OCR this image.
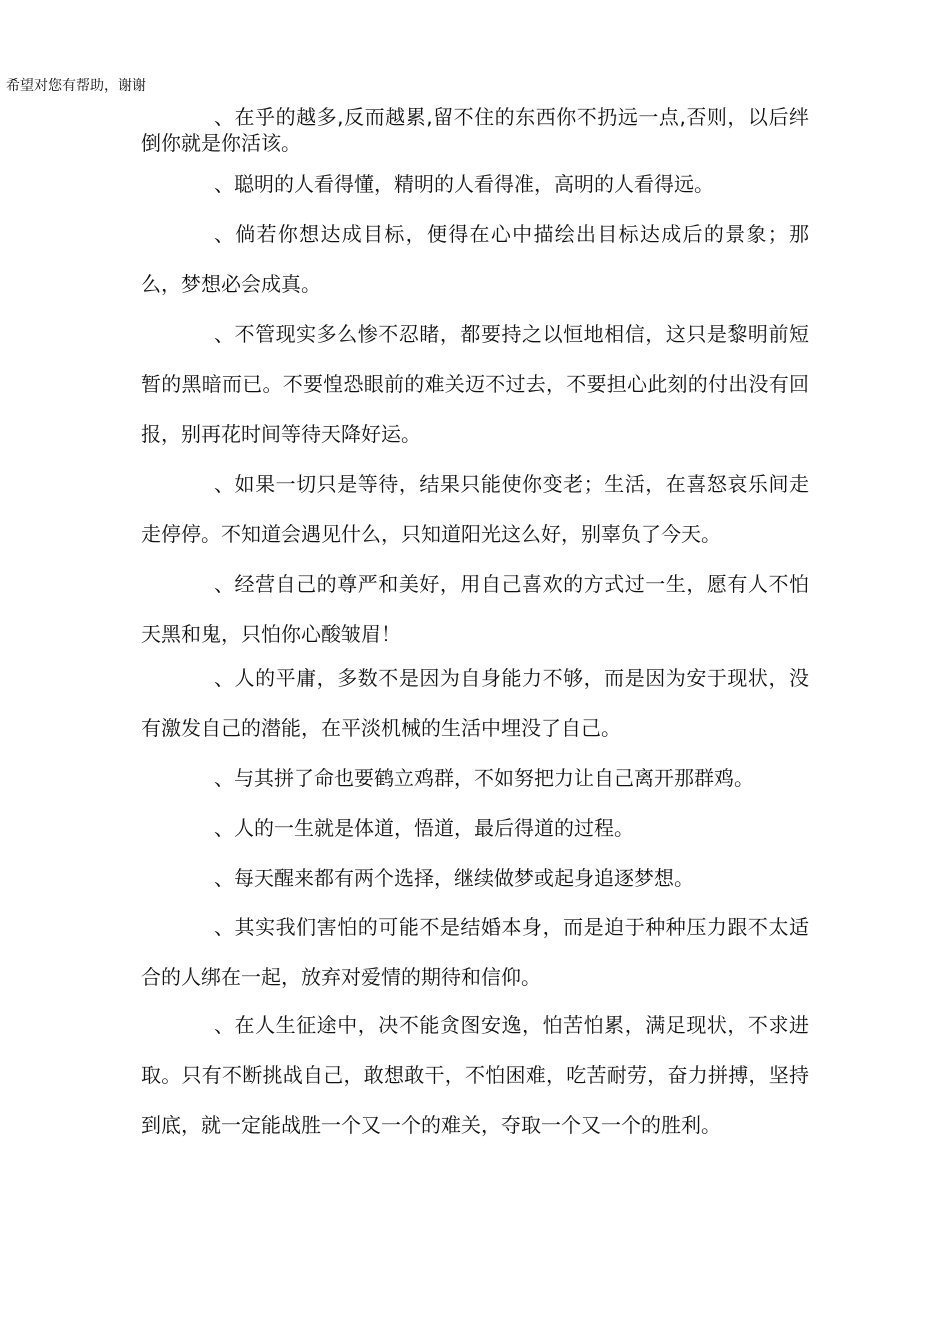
希望对您有帮助，谢谢

、在乎的越多,反而越累,留不住的东西你不扔远一点,否则，以后绊倒你就是你活该。

、聪明的人看得懂，精明的人看得准，高明的人看得远。

、倘若你想达成目标，便得在心中描绘出目标达成后的景象；那么，梦想必会成真。

、不管现实多么惨不忍睹，都要持之以恒地相信，这只是黎明前短暂的黑暗而已。不要惶恐眼前的难关迈不过去，不要担心此刻的付出没有回报，别再花时间等待天降好运。

、如果一切只是等待，结果只能使你变老；生活，在喜怒哀乐间走走停停。不知道会遇见什么，只知道阳光这么好，别辜负了今天。

、经营自己的尊严和美好，用自己喜欢的方式过一生，愿有人不怕天黑和鬼，只怕你心酸皱眉！

、人的平庸，多数不是因为自身能力不够，而是因为安于现状，没有激发自己的潜能，在平淡机械的生活中埋没了自己。

、与其拼了命也要鹤立鸡群，不如努把力让自己离开那群鸡。

、人的一生就是体道，悟道，最后得道的过程。

、每天醒来都有两个选择，继续做梦或起身追逐梦想。

、其实我们害怕的可能不是结婚本身，而是迫于种种压力跟不太适合的人绑在一起，放弃对爱情的期待和信仰。

、在人生征途中，决不能贪图安逸，怕苦怕累，满足现状，不求进取。只有不断挑战自己，敢想敢干，不怕困难，吃苦耐劳，奋力拼搏，坚持到底，就一定能战胜一个又一个的难关，夺取一个又一个的胜利。
